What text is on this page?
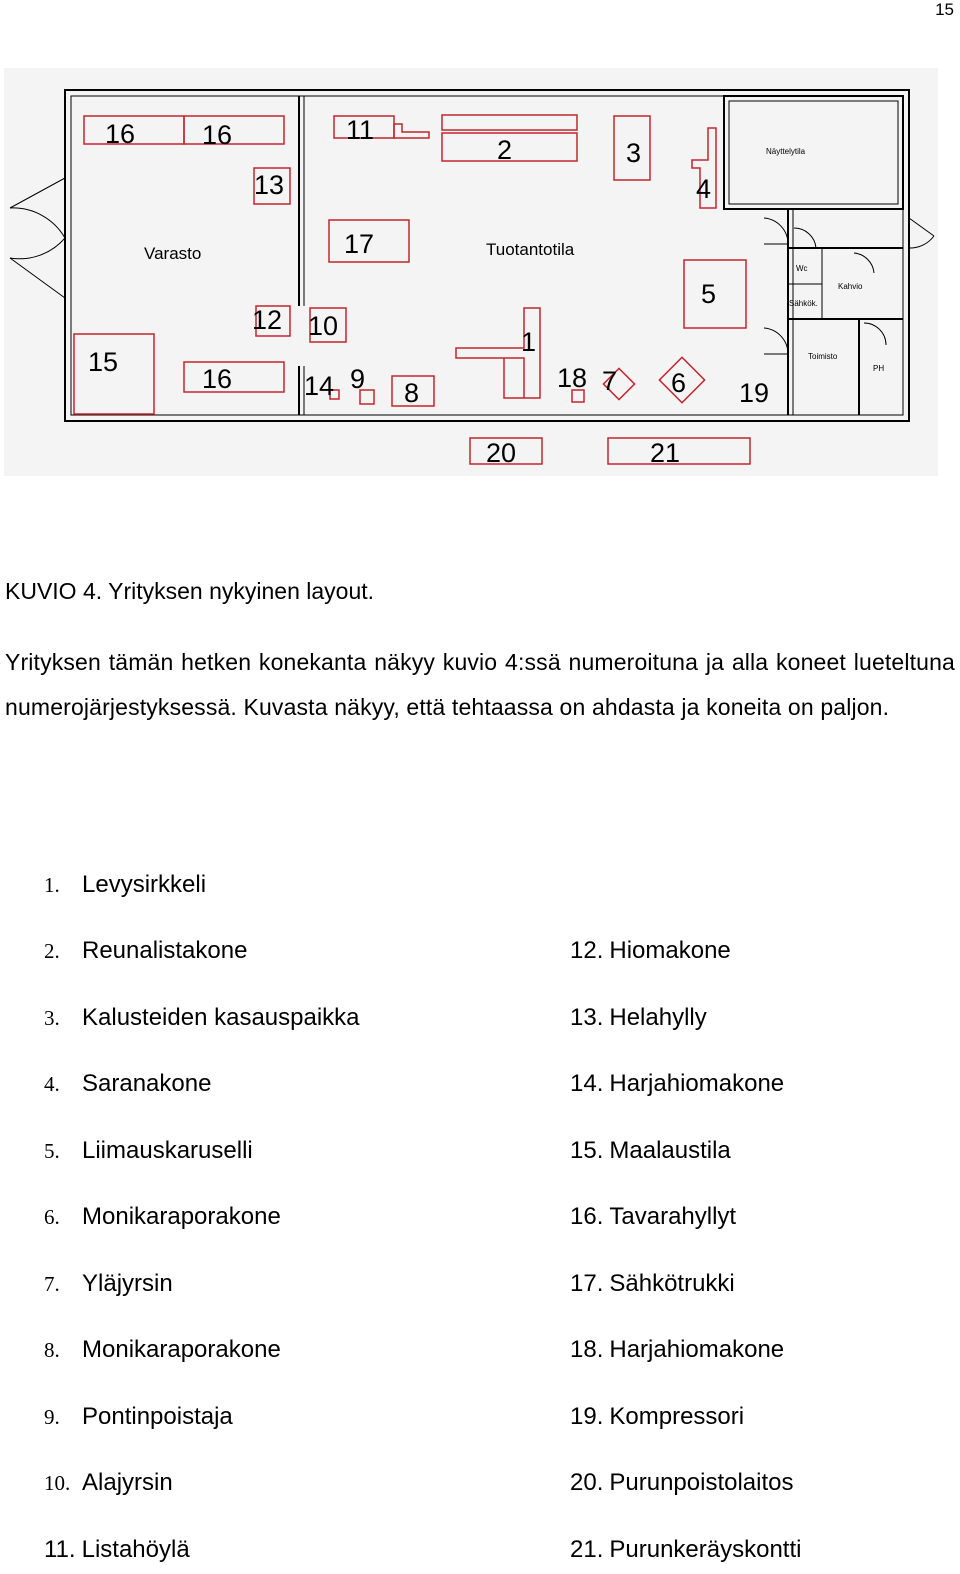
15
Varasto	Tuotantotila
Näyttelytila
Wc
Sähkök.
Kahvio
Toimisto
PH
16 16
13
11
2	3
4
17
5
15
16
12 10
14 9 8
1
18 7 6 19
20	21

KUVIO 4. Yrityksen nykyinen layout.

Yrityksen tämän hetken konekanta näkyy kuvio 4:ssä numeroituna ja alla koneet lueteltuna numerojärjestyksessä. Kuvasta näkyy, että tehtaassa on ahdasta ja koneita on paljon.

1. Levysirkkeli
2. Reunalistakone
3. Kalusteiden kasauspaikka
4. Saranakone
5. Liimauskaruselli
6. Monikaraporakone
7. Yläjyrsin
8. Monikaraporakone
9. Pontinpoistaja
10. Alajyrsin
11. Listahöylä
12. Hiomakone
13. Helahylly
14. Harjahiomakone
15. Maalaustila
16. Tavarahyllyt
17. Sähkötrukki
18. Harjahiomakone
19. Kompressori
20. Purunpoistolaitos
21. Purunkeräyskontti
